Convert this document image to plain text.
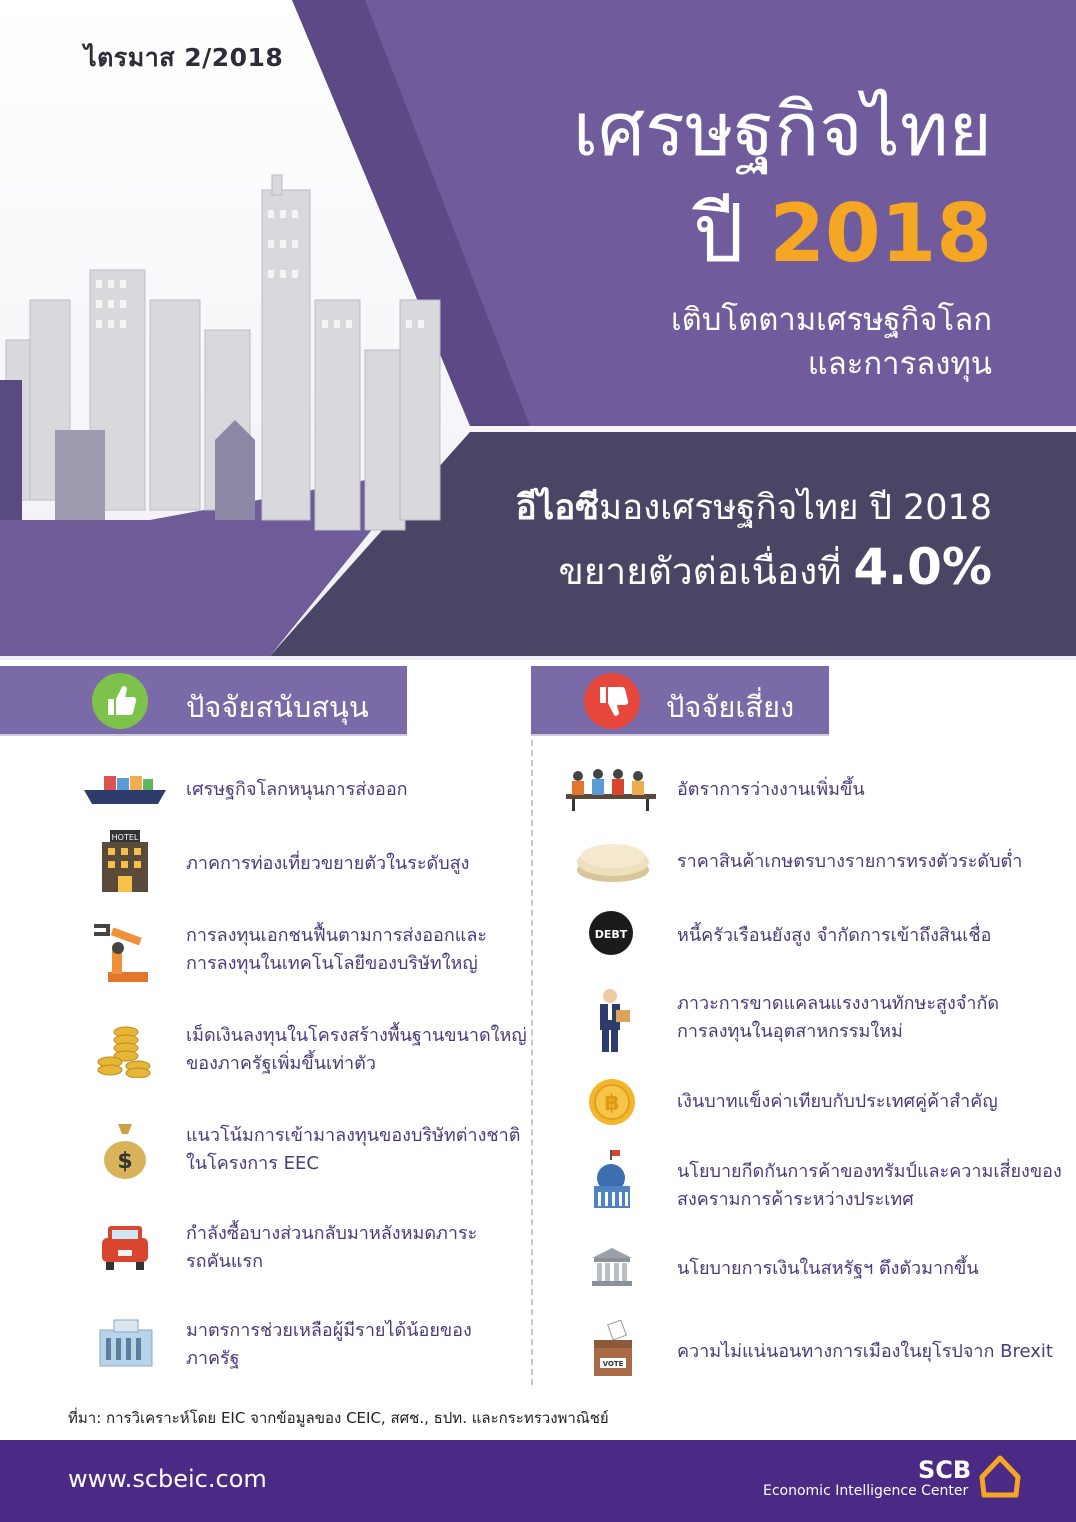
ไตรมาส 2/2018
เศรษฐกิจไทย
ปี 2018
เติบโตตามเศรษฐกิจโลก
และการลงทุน
อีไอซีมองเศรษฐกิจไทย ปี 2018
ขยายตัวต่อเนื่องที่ 4.0%
ปัจจัยสนับสนุน	ปัจจัยเสี่ยง
เศรษฐกิจโลกหนุนการส่งออก
HOTEL
ภาคการท่องเที่ยวขยายตัวในระดับสูง
การลงทุนเอกชนฟื้นตามการส่งออกและ
การลงทุนในเทคโนโลยีของบริษัทใหญ่
เม็ดเงินลงทุนในโครงสร้างพื้นฐานขนาดใหญ่
ของภาครัฐเพิ่มขึ้นเท่าตัว
$
แนวโน้มการเข้ามาลงทุนของบริษัทต่างชาติ
ในโครงการ EEC
กำลังซื้อบางส่วนกลับมาหลังหมดภาระ
รถคันแรก
มาตรการช่วยเหลือผู้มีรายได้น้อยของ
ภาครัฐ
อัตราการว่างงานเพิ่มขึ้น
ราคาสินค้าเกษตรบางรายการทรงตัวระดับต่ำ
DEBT	หนี้ครัวเรือนยังสูง จำกัดการเข้าถึงสินเชื่อ
ภาวะการขาดแคลนแรงงานทักษะสูงจำกัด
การลงทุนในอุตสาหกรรมใหม่
฿	เงินบาทแข็งค่าเทียบกับประเทศคู่ค้าสำคัญ
นโยบายกีดกันการค้าของทรัมป์และความเสี่ยงของ
สงครามการค้าระหว่างประเทศ
นโยบายการเงินในสหรัฐฯ ตึงตัวมากขึ้น
VOTE
ความไม่แน่นอนทางการเมืองในยุโรปจาก Brexit
ที่มา: การวิเคราะห์โดย EIC จากข้อมูลของ CEIC, สศช., ธปท. และกระทรวงพาณิชย์
www.scbeic.com	SCB
Economic Intelligence Center
